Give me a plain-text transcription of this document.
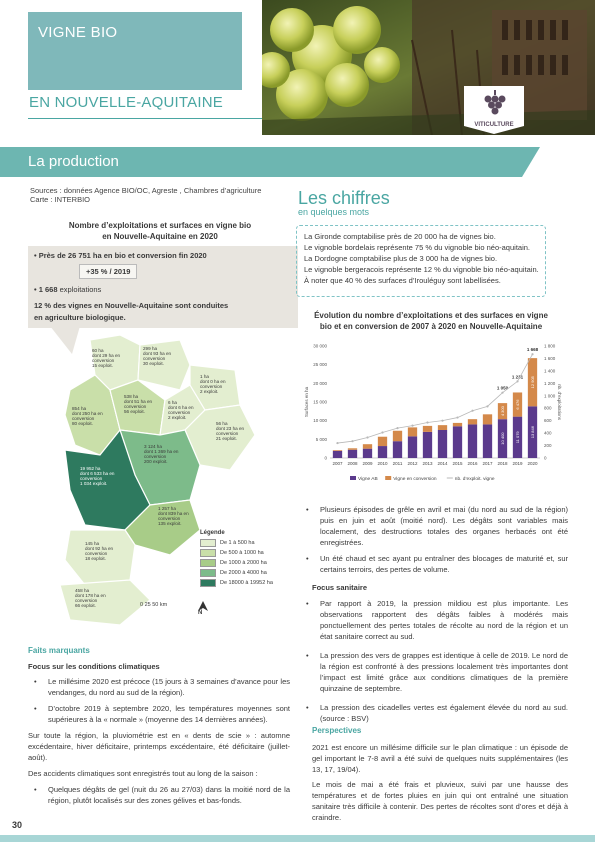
VIGNE BIO
EN NOUVELLE-AQUITAINE
VITICULTURE
La production
Sources : données Agence BIO/OC, Agreste , Chambres d’agriculture
Carte : INTERBIO
Nombre d’exploitations et surfaces en vigne bio
en Nouvelle-Aquitaine en 2020
• Près de 26 751 ha en bio et conversion fin 2020
+35 % / 2019
• 1 668 exploitations
12 % des vignes en Nouvelle-Aquitaine sont conduites
en agriculture biologique.
60 ha
dont 29 ha en
conversion
15 exploit.
299 ha
dont 93 ha en
conversion
30 exploit.
854 ha
dont 250 ha en
conversion
80 exploit.
538 ha
dont 51 ha en
conversion
56 exploit.
6 ha
dont 6 ha en
conversion
2 exploit.
1 ha
dont 0 ha en
conversion
2 exploit.
3 124 ha
dont 1 369 ha en
conversion
200 exploit.
56 ha
dont 23 ha en
conversion
21 exploit.
19 952 ha
dont 6 533 ha en
conversion
1 034 exploit.
1 257 ha
dont 839 ha en
conversion
135 exploit.
145 ha
dont 92 ha en
conversion
18 exploit.
458 ha
dont 178 ha en
conversion
66 exploit.
Légende
De 1 à 500 ha
De 500 à 1000 ha
De 1000 à 2000 ha
De 2000 à 4000 ha
De 18000 à 19952 ha
0 25 50 km
N
Faits marquants
Focus sur les conditions climatiques
• Le millésime 2020 est précoce (15 jours à 3 semaines d’avance pour les vendanges, du nord au sud de la région).
• D’octobre 2019 à septembre 2020, les températures moyennes sont supérieures à la « normale » (moyenne des 14 dernières années).
Sur toute la région, la pluviométrie est en « dents de scie » : automne excédentaire, hiver déficitaire, printemps excédentaire, été déficitaire (juillet-août).
Des accidents climatiques sont enregistrés tout au long de la saison :
• Quelques dégâts de gel (nuit du 26 au 27/03) dans la moitié nord de la région, plutôt localisés sur des zones gélives et bas-fonds.
Les chiffres
en quelques mots
La Gironde comptabilise près de 20 000 ha de vignes bio.
Le vignoble bordelais représente 75 % du vignoble bio néo-aquitain.
La Dordogne comptabilise plus de 3 000 ha de vignes bio.
Le vignoble bergeracois représente 12 % du vignoble bio néo-aquitain.
À noter que 40 % des surfaces d’Irouléguy sont labellisées.
Évolution du nombre d’exploitations et des surfaces en vigne
bio et en conversion de 2007 à 2020 en Nouvelle-Aquitaine
0
5 000
10 000
15 000
20 000
25 000
30 000
0
200
400
600
800
1 000
1 200
1 400
1 600
1 800
Surfaces en ha	nb. d’exploitations
2007 2008 2009 2010 2011 2012 2013 2014 2015 2016 2017 2018
4 300
10 400
1 050
2019
6 476
11 079
1 231
2020
12 905
13 846
1 668
Vigne AB	Vigne en conversion	nb. d’exploit. vigne
• Plusieurs épisodes de grêle en avril et mai (du nord au sud de la région) puis en juin et août (moitié nord). Les dégâts sont variables mais localement, des destructions totales des organes herbacés ont été enregistrées.
• Un été chaud et sec ayant pu entraîner des blocages de maturité et, sur certains terroirs, des pertes de volume.
Focus sanitaire
• Par rapport à 2019, la pression mildiou est plus importante. Les observations rapportent des dégâts faibles à modérés mais ponctuellement des pertes totales de récolte au nord de la région et un état sanitaire correct au sud.
• La pression des vers de grappes est identique à celle de 2019. Le nord de la région est confronté à des pressions localement très importantes dont l’impact est limité grâce aux conditions climatiques de la première quinzaine de septembre.
• La pression des cicadelles vertes est également élevée du nord au sud. (source : BSV)
Perspectives
2021 est encore un millésime difficile sur le plan climatique : un épisode de gel important le 7-8 avril a été suivi de quelques nuits supplémentaires (les 13, 17, 19/04).
Le mois de mai a été frais et pluvieux, suivi par une hausse des températures et de fortes pluies en juin qui ont entraîné une situation sanitaire très difficile à contenir. Des pertes de récoltes sont d’ores et déjà à craindre.
30
